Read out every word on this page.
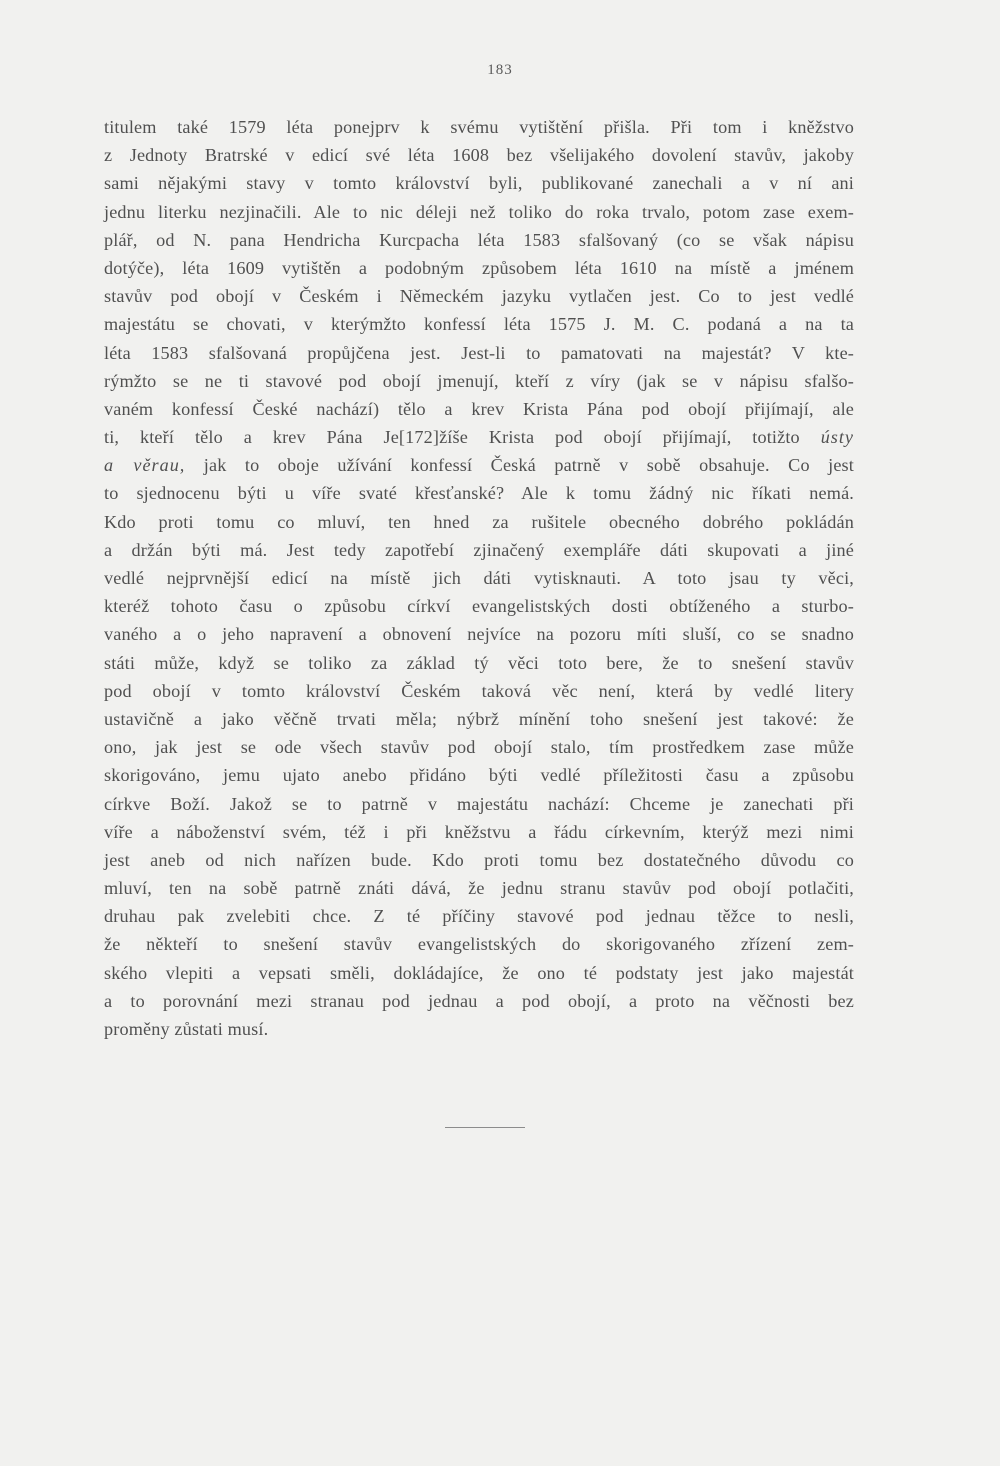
183
titulem také 1579 léta ponejprv k svému vytištění přišla. Při tom i kněžstvo
z Jednoty Bratrské v edicí své léta 1608 bez všelijakého dovolení stavův, jakoby
sami nějakými stavy v tomto království byli, publikované zanechali a v ní ani
jednu literku nezjinačili. Ale to nic déleji než toliko do roka trvalo, potom zase exem-
plář, od N. pana Hendricha Kurcpacha léta 1583 sfalšovaný (co se však nápisu
dotýče), léta 1609 vytištěn a podobným způsobem léta 1610 na místě a jménem
stavův pod obojí v Českém i Německém jazyku vytlačen jest. Co to jest vedlé
majestátu se chovati, v kterýmžto konfessí léta 1575 J. M. C. podaná a na ta
léta 1583 sfalšovaná propůjčena jest. Jest-li to pamatovati na majestát? V kte-
rýmžto se ne ti stavové pod obojí jmenují, kteří z víry (jak se v nápisu sfalšo-
vaném konfessí České nachází) tělo a krev Krista Pána pod obojí přijímají, ale
ti, kteří tělo a krev Pána Je[172]žíše Krista pod obojí přijímají, totižto ústy
a věrau, jak to oboje užívání konfessí Česká patrně v sobě obsahuje. Co jest
to sjednocenu býti u víře svaté křesťanské? Ale k tomu žádný nic říkati nemá.
Kdo proti tomu co mluví, ten hned za rušitele obecného dobrého pokládán
a držán býti má. Jest tedy zapotřebí zjinačený exempláře dáti skupovati a jiné
vedlé nejprvnější edicí na místě jich dáti vytisknauti. A toto jsau ty věci,
kteréž tohoto času o způsobu církví evangelistských dosti obtíženého a sturbo-
vaného a o jeho napravení a obnovení nejvíce na pozoru míti sluší, co se snadno
státi může, když se toliko za základ tý věci toto bere, že to snešení stavův
pod obojí v tomto království Českém taková věc není, která by vedlé litery
ustavičně a jako věčně trvati měla; nýbrž mínění toho snešení jest takové: že
ono, jak jest se ode všech stavův pod obojí stalo, tím prostředkem zase může
skorigováno, jemu ujato anebo přidáno býti vedlé příležitosti času a způsobu
církve Boží. Jakož se to patrně v majestátu nachází: Chceme je zanechati při
víře a náboženství svém, též i při kněžstvu a řádu církevním, kterýž mezi nimi
jest aneb od nich nařízen bude. Kdo proti tomu bez dostatečného důvodu co
mluví, ten na sobě patrně znáti dává, že jednu stranu stavův pod obojí potlačiti,
druhau pak zvelebiti chce. Z té příčiny stavové pod jednau těžce to nesli,
že někteří to snešení stavův evangelistských do skorigovaného zřízení zem-
ského vlepiti a vepsati směli, dokládajíce, že ono té podstaty jest jako majestát
a to porovnání mezi stranau pod jednau a pod obojí, a proto na věčnosti bez
proměny zůstati musí.
